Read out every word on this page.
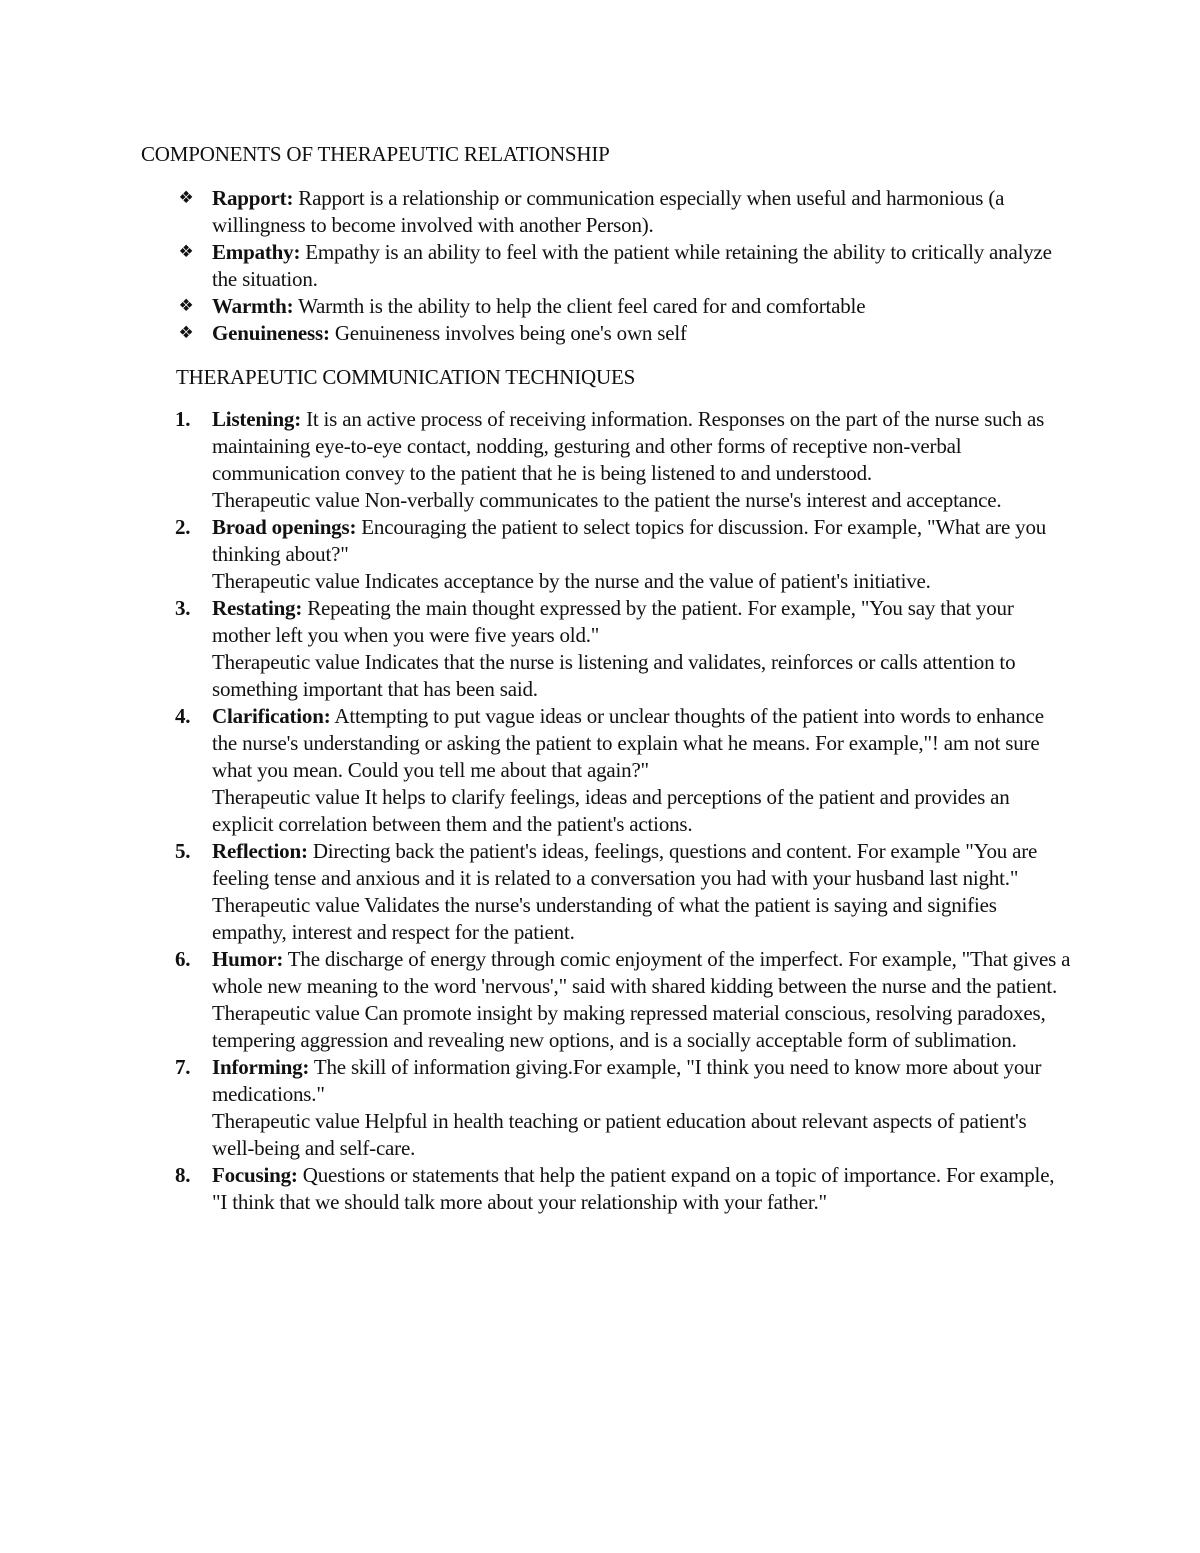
COMPONENTS OF THERAPEUTIC RELATIONSHIP
❖ Rapport: Rapport is a relationship or communication especially when useful and harmonious (a willingness to become involved with another Person).
❖ Empathy: Empathy is an ability to feel with the patient while retaining the ability to critically analyze the situation.
❖ Warmth: Warmth is the ability to help the client feel cared for and comfortable
❖ Genuineness: Genuineness involves being one's own self
THERAPEUTIC COMMUNICATION TECHNIQUES
1. Listening: It is an active process of receiving information. Responses on the part of the nurse such as maintaining eye-to-eye contact, nodding, gesturing and other forms of receptive non-verbal communication convey to the patient that he is being listened to and understood.
Therapeutic value Non-verbally communicates to the patient the nurse's interest and acceptance.
2. Broad openings: Encouraging the patient to select topics for discussion. For example, "What are you thinking about?"
Therapeutic value Indicates acceptance by the nurse and the value of patient's initiative.
3. Restating: Repeating the main thought expressed by the patient. For example, "You say that your mother left you when you were five years old."
Therapeutic value Indicates that the nurse is listening and validates, reinforces or calls attention to something important that has been said.
4. Clarification: Attempting to put vague ideas or unclear thoughts of the patient into words to enhance the nurse's understanding or asking the patient to explain what he means. For example,"! am not sure what you mean. Could you tell me about that again?"
Therapeutic value It helps to clarify feelings, ideas and perceptions of the patient and provides an explicit correlation between them and the patient's actions.
5. Reflection: Directing back the patient's ideas, feelings, questions and content. For example "You are feeling tense and anxious and it is related to a conversation you had with your husband last night."
Therapeutic value Validates the nurse's understanding of what the patient is saying and signifies empathy, interest and respect for the patient.
6. Humor: The discharge of energy through comic enjoyment of the imperfect. For example, "That gives a whole new meaning to the word 'nervous'," said with shared kidding between the nurse and the patient.
Therapeutic value Can promote insight by making repressed material conscious, resolving paradoxes, tempering aggression and revealing new options, and is a socially acceptable form of sublimation.
7. Informing: The skill of information giving.For example, "I think you need to know more about your medications."
Therapeutic value Helpful in health teaching or patient education about relevant aspects of patient's well-being and self-care.
8. Focusing: Questions or statements that help the patient expand on a topic of importance. For example, "I think that we should talk more about your relationship with your father."
